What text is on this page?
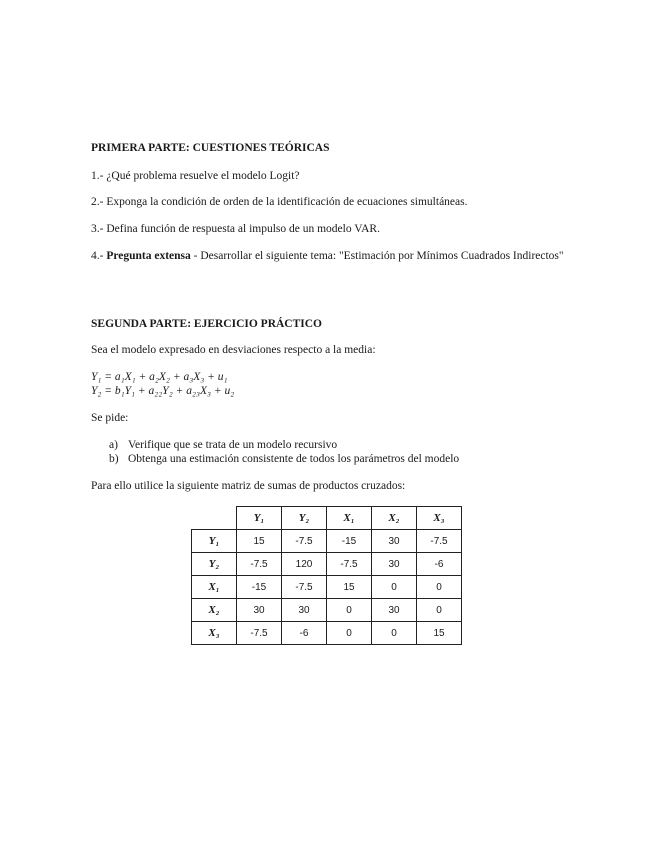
PRIMERA PARTE: CUESTIONES TEÓRICAS
1.- ¿Qué problema resuelve el modelo Logit?
2.- Exponga la condición de orden de la identificación de ecuaciones simultáneas.
3.- Defina función de respuesta al impulso de un modelo VAR.
4.- Pregunta extensa - Desarrollar el siguiente tema: "Estimación por Mínimos Cuadrados Indirectos"
SEGUNDA PARTE: EJERCICIO PRÁCTICO
Sea el modelo expresado en desviaciones respecto a la media:
Y₁ = a₁X₁ + a₂X₂ + a₃X₃ + u₁
Y₂ = b₁Y₁ + a₂₂Y₂ + a₂₃X₃ + u₂
Se pide:
a) Verifique que se trata de un modelo recursivo
b) Obtenga una estimación consistente de todos los parámetros del modelo
Para ello utilice la siguiente matriz de sumas de productos cruzados:
	Y₁	Y₂	X₁	X₂	X₃
Y₁	15	-7.5	-15	30	-7.5
Y₂	-7.5	120	-7.5	30	-6
X₁	-15	-7.5	15	0	0
X₂	30	30	0	30	0
X₃	-7.5	-6	0	0	15
